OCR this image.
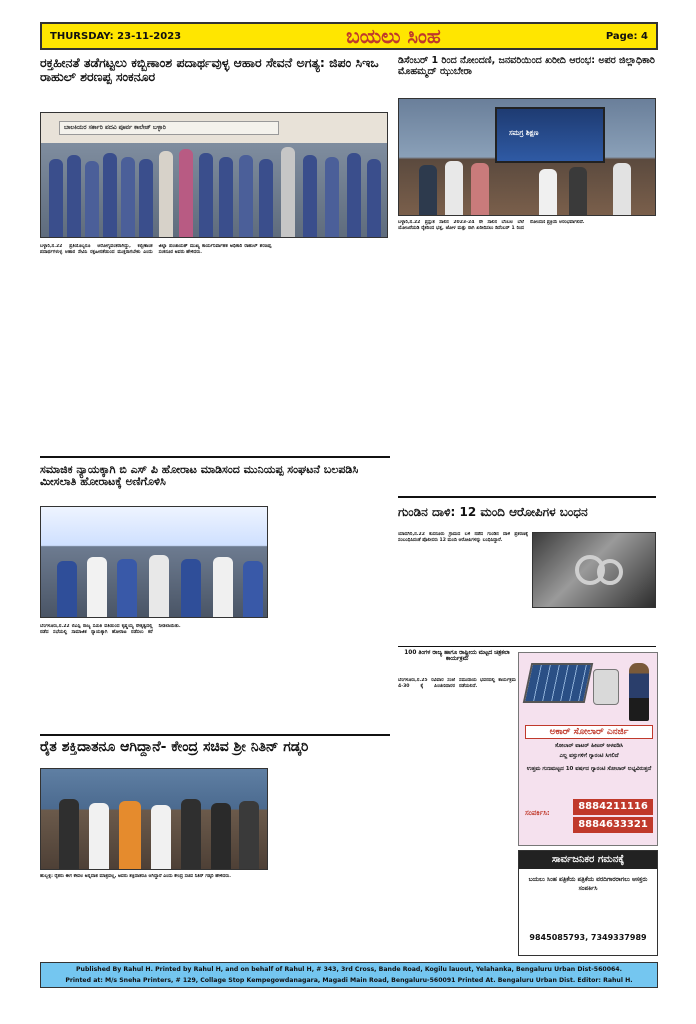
THURSDAY: 23-11-2023	ಬಯಲು ಸಿಂಹ	Page: 4
ರಕ್ತಹೀನತೆ ತಡೆಗಟ್ಟಲು ಕಬ್ಬಿಣಾಂಶ ಪದಾರ್ಥವುಳ್ಳ ಆಹಾರ ಸೇವನೆ ಅಗತ್ಯ: ಜಿಪಂ ಸಿಇಒ ರಾಹುಲ್ ಶರಣಪ್ಪ ಸಂಕನೂರ
ಬಾಲಕಿಯರ ಸರ್ಕಾರಿ ಪದವಿ ಪೂರ್ವ ಕಾಲೇಜ್ ಬಳ್ಳಾರಿ
ಬಳ್ಳಾರಿ,ನ.22 ಪ್ರತಿಯೊಬ್ಬರೂ ಆರೋಗ್ಯವಂತರಾಗಿದ್ದು, ಕಬ್ಬಿಣಾಂಶ ಪದಾರ್ಥಗಳುಳ್ಳ ಆಹಾರ ಸೇವಿಸಿ ರಕ್ತಹೀನತೆಯಿಂದ ಮುಕ್ತರಾಗಬೇಕು ಎಂದು ಜಿಲ್ಲಾ ಪಂಚಾಯತ್ ಮುಖ್ಯ ಕಾರ್ಯನಿರ್ವಾಹಕ ಅಧಿಕಾರಿ ರಾಹುಲ್ ಶರಣಪ್ಪ ಸಂಕನೂರ ಅವರು ಹೇಳಿದರು.
ಡಿಸೆಂಬರ್ 1 ರಿಂದ ನೋಂದಣಿ, ಜನವರಿಯಿಂದ ಖರೀದಿ ಆರಂಭ: ಅಪರ ಜಿಲ್ಲಾಧಿಕಾರಿ ಮೊಹಮ್ಮದ್ ಝುಬೇರಾ
ಸಮಗ್ರ ಶಿಕ್ಷಣ
ಬಳ್ಳಾರಿ,ನ.22 ಪ್ರಸ್ತುತ ಸಾಲಿನ 2023-24 ನೇ ಸಾಲಿನ ಬೆಂಬಲ ಬೆಲೆ ಯೋಜನೆಯಡಿ ರೈತರಿಂದ ಭತ್ತ, ಜೋಳ ಮತ್ತು ರಾಗಿ ಖರೀದಿಸಲು ಡಿಸೆಂಬರ್ 1 ರಿಂದ ನೋಂದಣಿ ಪ್ರಕ್ರಿಯೆ ಆರಂಭವಾಗಲಿದೆ.
ಸಮಾಜಿಕ ನ್ಯಾಯಕ್ಕಾಗಿ ಬಿ ಎಸ್ ಪಿ ಹೋರಾಟ ಮಾಡಿಸಂದ ಮುನಿಯಪ್ಪ ಸಂಘಟನೆ ಬಲಪಡಿಸಿ ಮೀಸಲಾತಿ ಹೋರಾಟಕ್ಕೆ ಅಣಿಗೊಳಿಸಿ
ಬೆಂಗಳೂರು,ನ.22 ಬಿಎಸ್ಪಿ ರಾಜ್ಯ ಸಮಿತಿ ವತಿಯಿಂದ ಕೃಷ್ಣಯ್ಯ ನೇತೃತ್ವದಲ್ಲಿ ನಡೆದ ಸಭೆಯಲ್ಲಿ ಸಾಮಾಜಿಕ ನ್ಯಾಯಕ್ಕಾಗಿ ಹೋರಾಟ ನಡೆಸಲು ಕರೆ ನೀಡಲಾಯಿತು.
ಗುಂಡಿನ ದಾಳಿ: 12 ಮಂದಿ ಆರೋಪಿಗಳ ಬಂಧನ
ಯಾದಗಿರಿ,ನ.22 ಕುಸನೂರು ಗ್ರಾಮದ ಬಳಿ ನಡೆದ ಗುಂಡಿನ ದಾಳಿ ಪ್ರಕರಣಕ್ಕೆ ಸಂಬಂಧಿಸಿದಂತೆ ಪೊಲೀಸರು 12 ಮಂದಿ ಆರೋಪಿಗಳನ್ನು ಬಂಧಿಸಿದ್ದಾರೆ.
100 ತಿಂಗಳ ರಾಜ್ಯ ಹಾಗೂ ರಾಷ್ಟ್ರೀಯ ಮಟ್ಟದ ಚಿತ್ರಕಲಾ ಕಾರ್ಯಕ್ರಮ
ಬೆಂಗಳೂರು,ನ.25 ರವಿವಾರ ಸಂಜೆ 4-30 ಕ್ಕೆ ಪಿಂಚಣಿದಾರರ ಸಮುದಾಯ ಭವನದಲ್ಲಿ ಕಾರ್ಯಕ್ರಮ ನಡೆಯಲಿದೆ.
ಅಕಾರ್ ಸೋಲಾರ್ ಎನರ್ಜಿ
ಸೋಲಾರ್ ವಾಟರ್ ಹೀಟರ್ ಅಳವಡಿಸಿ
ಎಲ್ಲ ವಸ್ತುಗಳಿಗೆ ಗ್ಯಾರಂಟಿ ಸಿಗಲಿದೆ
ಉತ್ತಮ ಗುಣಮಟ್ಟದ 10 ವರ್ಷದ ಗ್ಯಾರಂಟಿ ಸೋಲಾರ್ ಲಭ್ಯವಿರುತ್ತದೆ
ಸಂಪರ್ಕಿಸಿ:
8884211116
8884633321
ಸಾರ್ವಜನಿಕರ ಗಮನಕ್ಕೆ
ಬಯಲು ಸಿಂಹ ಪತ್ರಿಕೆಯ ಪತ್ರಿಕೆಯ ವರದಿಗಾರರಾಗಲು ಆಸಕ್ತರು ಸಂಪರ್ಕಿಸಿ
9845085793, 7349337989
ರೈತ ಶಕ್ತಿದಾತನೂ ಆಗಿದ್ದಾನೆ- ಕೇಂದ್ರ ಸಚಿವ ಶ್ರೀ ನಿತಿನ್ ಗಡ್ಕರಿ
ಹುಬ್ಬಳ್ಳಿ: ರೈತರು ಈಗ ಕೇವಲ ಅನ್ನದಾತ ಮಾತ್ರವಲ್ಲ, ಅವರು ಶಕ್ತಿದಾತರೂ ಆಗಿದ್ದಾರೆ ಎಂದು ಕೇಂದ್ರ ಸಚಿವ ನಿತಿನ್ ಗಡ್ಕರಿ ಹೇಳಿದರು.
Published By Rahul H. Printed by Rahul H, and on behalf of Rahul H, # 343, 3rd Cross, Bande Road, Kogilu lauout, Yelahanka, Bengaluru Urban Dist-560064.
Printed at: M/s Sneha Printers, # 129, Collage Stop Kempegowdanagara, Magadi Main Road, Bengaluru-560091 Printed At. Bengaluru Urban Dist. Editor: Rahul H.
